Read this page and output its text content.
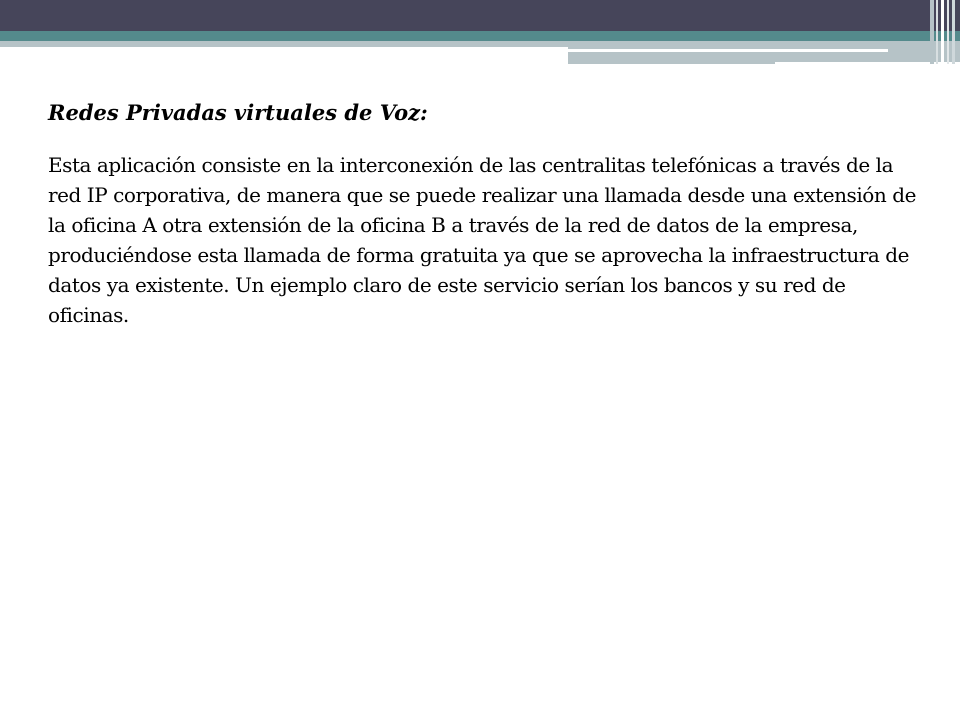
Redes Privadas virtuales de Voz:

Esta aplicación consiste en la interconexión de las centralitas telefónicas a través de la red IP corporativa, de manera que se puede realizar una llamada desde una extensión de la oficina A otra extensión de la oficina B a través de la red de datos de la empresa, produciéndose esta llamada de forma gratuita ya que se aprovecha la infraestructura de datos ya existente. Un ejemplo claro de este servicio serían los bancos y su red de oficinas.
